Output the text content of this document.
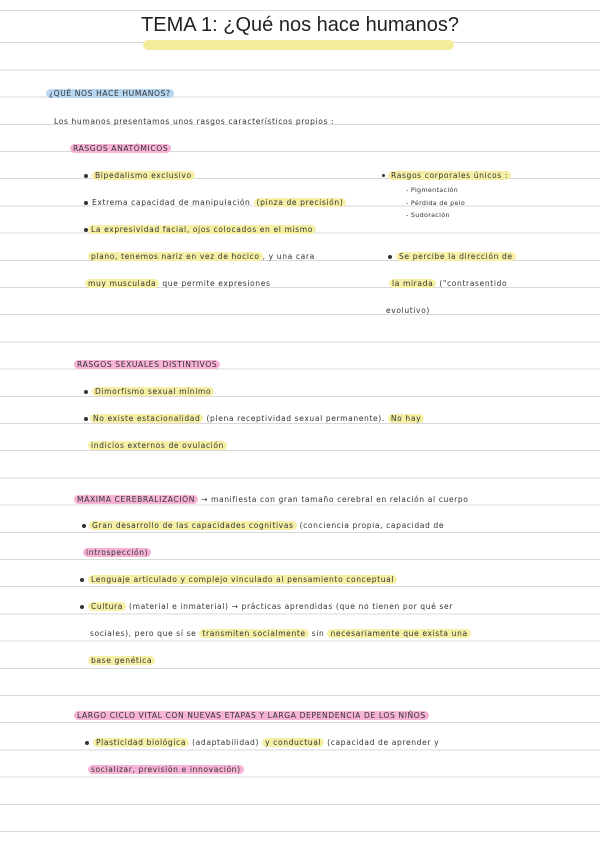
TEMA 1: ¿Qué nos hace humanos?
¿QUÉ NOS HACE HUMANOS?
Los humanos presentamos unos rasgos característicos propios :
RASGOS ANATÓMICOS
Bipedalismo exclusivo
Extrema capacidad de manipulación (pinza de precisión)
La expresividad facial, ojos colocados en el mismo
plano, tenemos nariz en vez de hocico , y una cara
muy musculada que permite expresiones
Rasgos corporales únicos :
- Pigmentación
- Pérdida de pelo
- Sudoración
Se percibe la dirección de
la mirada ("contrasentido
evolutivo)
RASGOS SEXUALES DISTINTIVOS
Dimorfismo sexual mínimo
No existe estacionalidad (plena receptividad sexual permanente). No hay
indicios externos de ovulación
MÁXIMA CEREBRALIZACIÓN → manifiesta con gran tamaño cerebral en relación al cuerpo
Gran desarrollo de las capacidades cognitivas (conciencia propia, capacidad de
introspección)
Lenguaje articulado y complejo vinculado al pensamiento conceptual
Cultura (material e inmaterial) → prácticas aprendidas (que no tienen por qué ser
sociales), pero que sí se transmiten socialmente sin necesariamente que exista una
base genética
LARGO CICLO VITAL CON NUEVAS ETAPAS Y LARGA DEPENDENCIA DE LOS NIÑOS
Plasticidad biológica (adaptabilidad) y conductual (capacidad de aprender y
socializar, previsión e innovación)
